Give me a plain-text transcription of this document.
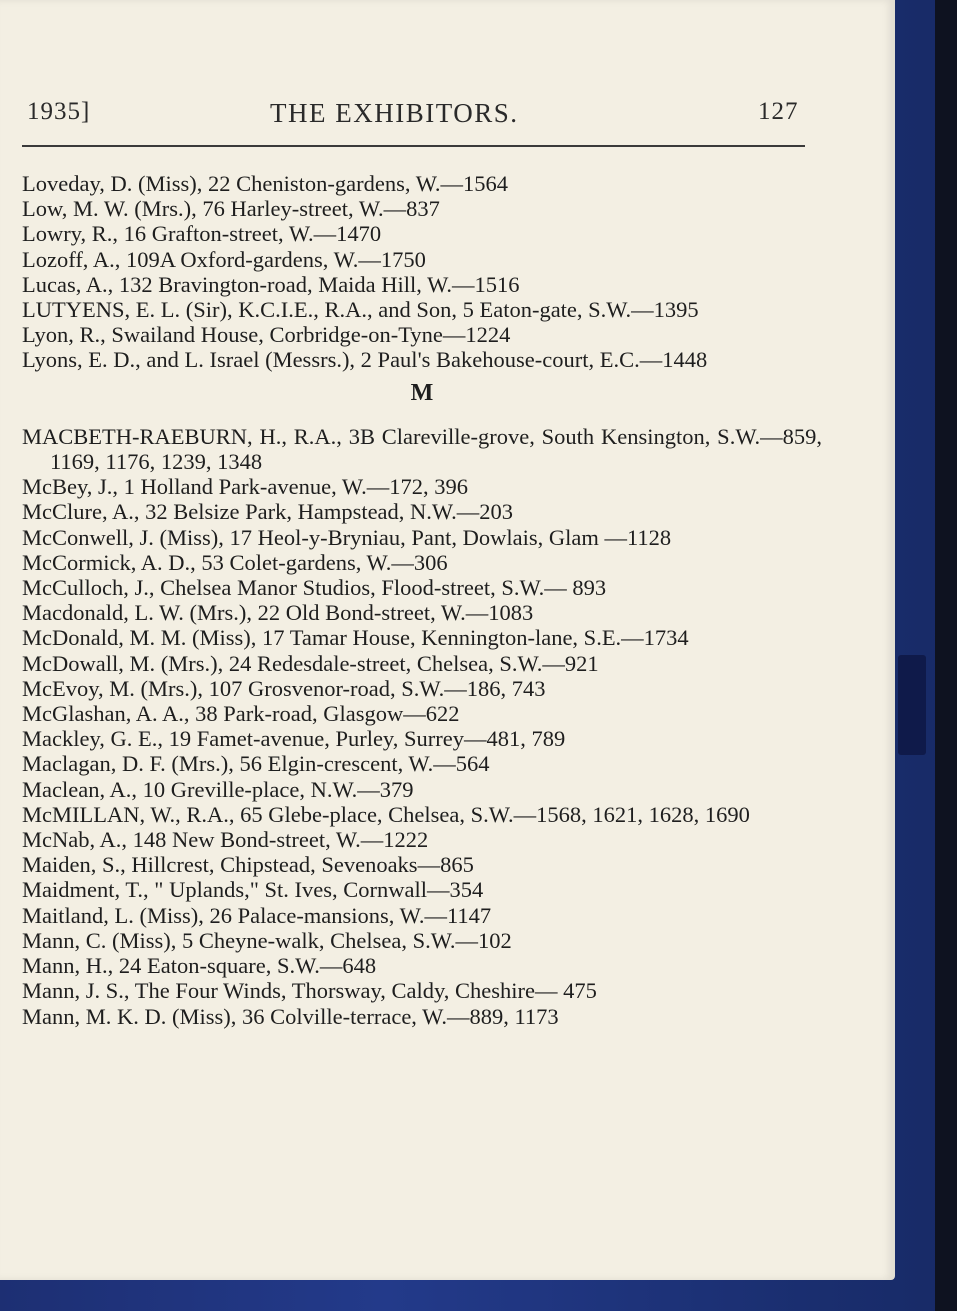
1935]	THE EXHIBITORS.	127
Loveday, D. (Miss), 22 Cheniston-gardens, W.—1564
Low, M. W. (Mrs.), 76 Harley-street, W.—837
Lowry, R., 16 Grafton-street, W.—1470
Lozoff, A., 109A Oxford-gardens, W.—1750
Lucas, A., 132 Bravington-road, Maida Hill, W.—1516
LUTYENS, E. L. (Sir), K.C.I.E., R.A., and Son, 5 Eaton-gate, S.W.—1395
Lyon, R., Swailand House, Corbridge-on-Tyne—1224
Lyons, E. D., and L. Israel (Messrs.), 2 Paul's Bakehouse-court, E.C.—1448
M
MACBETH-RAEBURN, H., R.A., 3B Clareville-grove, South Kensington, S.W.—859, 1169, 1176, 1239, 1348
McBey, J., 1 Holland Park-avenue, W.—172, 396
McClure, A., 32 Belsize Park, Hampstead, N.W.—203
McConwell, J. (Miss), 17 Heol-y-Bryniau, Pant, Dowlais, Glam —1128
McCormick, A. D., 53 Colet-gardens, W.—306
McCulloch, J., Chelsea Manor Studios, Flood-street, S.W.— 893
Macdonald, L. W. (Mrs.), 22 Old Bond-street, W.—1083
McDonald, M. M. (Miss), 17 Tamar House, Kennington-lane, S.E.—1734
McDowall, M. (Mrs.), 24 Redesdale-street, Chelsea, S.W.—921
McEvoy, M. (Mrs.), 107 Grosvenor-road, S.W.—186, 743
McGlashan, A. A., 38 Park-road, Glasgow—622
Mackley, G. E., 19 Famet-avenue, Purley, Surrey—481, 789
Maclagan, D. F. (Mrs.), 56 Elgin-crescent, W.—564
Maclean, A., 10 Greville-place, N.W.—379
McMILLAN, W., R.A., 65 Glebe-place, Chelsea, S.W.—1568, 1621, 1628, 1690
McNab, A., 148 New Bond-street, W.—1222
Maiden, S., Hillcrest, Chipstead, Sevenoaks—865
Maidment, T., " Uplands," St. Ives, Cornwall—354
Maitland, L. (Miss), 26 Palace-mansions, W.—1147
Mann, C. (Miss), 5 Cheyne-walk, Chelsea, S.W.—102
Mann, H., 24 Eaton-square, S.W.—648
Mann, J. S., The Four Winds, Thorsway, Caldy, Cheshire— 475
Mann, M. K. D. (Miss), 36 Colville-terrace, W.—889, 1173
